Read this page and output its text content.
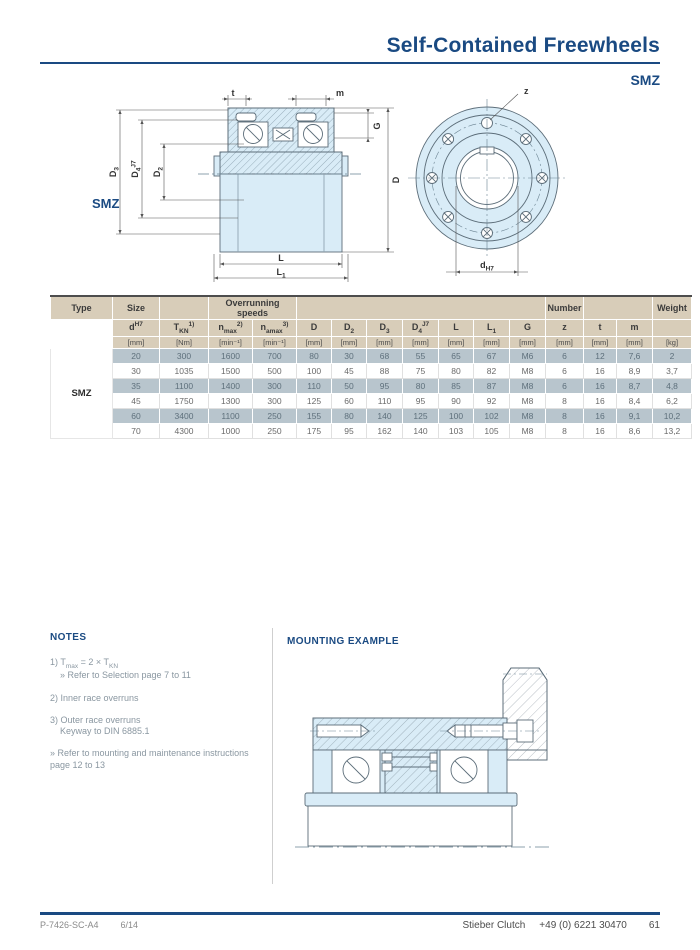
Self-Contained Freewheels
SMZ
SMZ
t	m
G
D
$D_3$
$D_4^{J7}$
$D_2$
L
$L_1$
z
$d_{H7}$
Type	Size		Overrunning speeds									Number			Weight
	$d^{H7}$	$T_{KN}^{1)}$	$n_{max}^{2)}$	$n_{amax}^{3)}$	D	$D_2$	$D_3$	$D_4^{J7}$	L	$L_1$	G	z	t	m	
	[mm]	[Nm]	[min⁻¹]	[min⁻¹]	[mm]	[mm]	[mm]	[mm]	[mm]	[mm]	[mm]	[mm]	[mm]	[mm]	[kg]
SMZ	20	300	1600	700	80	30	68	55	65	67	M6	6	12	7,6	2
	30	1035	1500	500	100	45	88	75	80	82	M8	6	16	8,9	3,7
	35	1100	1400	300	110	50	95	80	85	87	M8	6	16	8,7	4,8
	45	1750	1300	300	125	60	110	95	90	92	M8	8	16	8,4	6,2
	60	3400	1100	250	155	80	140	125	100	102	M8	8	16	9,1	10,2
	70	4300	1000	250	175	95	162	140	103	105	M8	8	16	8,6	13,2
NOTES

1) $T_{max} = 2 \times T_{KN}$
» Refer to Selection page 7 to 11

2) Inner race overruns

3) Outer race overruns
Keyway to DIN 6885.1

» Refer to mounting and maintenance instructions
page 12 to 13

MOUNTING EXAMPLE
P-7426-SC-A4 6/14	Stieber Clutch +49 (0) 6221 30470 61
